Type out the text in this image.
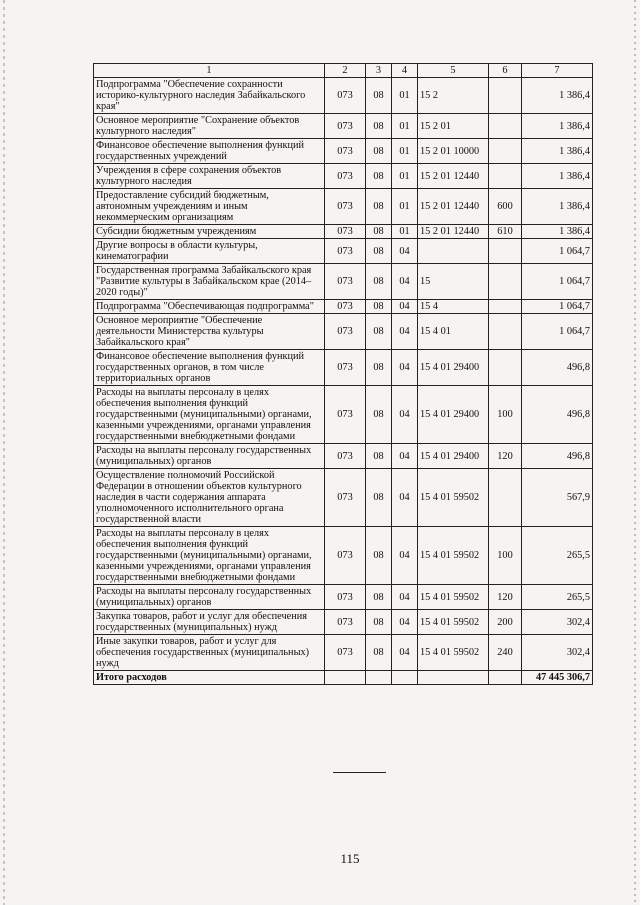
1	2	3	4	5	6	7
Подпрограмма "Обеспечение сохранности историко-культурного наследия Забайкальского края"	073	08	01	15 2		1 386,4
Основное мероприятие "Сохранение объектов культурного наследия"	073	08	01	15 2 01		1 386,4
Финансовое обеспечение выполнения функций государственных учреждений	073	08	01	15 2 01 10000		1 386,4
Учреждения в сфере сохранения объектов культурного наследия	073	08	01	15 2 01 12440		1 386,4
Предоставление субсидий бюджетным, автономным учреждениям и иным некоммерческим организациям	073	08	01	15 2 01 12440	600	1 386,4
Субсидии бюджетным учреждениям	073	08	01	15 2 01 12440	610	1 386,4
Другие вопросы в области культуры, кинематографии	073	08	04			1 064,7
Государственная программа Забайкальского края "Развитие культуры в Забайкальском крае (2014–2020 годы)"	073	08	04	15		1 064,7
Подпрограмма "Обеспечивающая подпрограмма"	073	08	04	15 4		1 064,7
Основное мероприятие "Обеспечение деятельности Министерства культуры Забайкальского края"	073	08	04	15 4 01		1 064,7
Финансовое обеспечение выполнения функций государственных органов, в том числе территориальных органов	073	08	04	15 4 01 29400		496,8
Расходы на выплаты персоналу в целях обеспечения выполнения функций государственными (муниципальными) органами, казенными учреждениями, органами управления государственными внебюджетными фондами	073	08	04	15 4 01 29400	100	496,8
Расходы на выплаты персоналу государственных (муниципальных) органов	073	08	04	15 4 01 29400	120	496,8
Осуществление полномочий Российской Федерации в отношении объектов культурного наследия в части содержания аппарата уполномоченного исполнительного органа государственной власти	073	08	04	15 4 01 59502		567,9
Расходы на выплаты персоналу в целях обеспечения выполнения функций государственными (муниципальными) органами, казенными учреждениями, органами управления государственными внебюджетными фондами	073	08	04	15 4 01 59502	100	265,5
Расходы на выплаты персоналу государственных (муниципальных) органов	073	08	04	15 4 01 59502	120	265,5
Закупка товаров, работ и услуг для обеспечения государственных (муниципальных) нужд	073	08	04	15 4 01 59502	200	302,4
Иные закупки товаров, работ и услуг для обеспечения государственных (муниципальных) нужд	073	08	04	15 4 01 59502	240	302,4
Итого расходов						47 445 306,7
115
